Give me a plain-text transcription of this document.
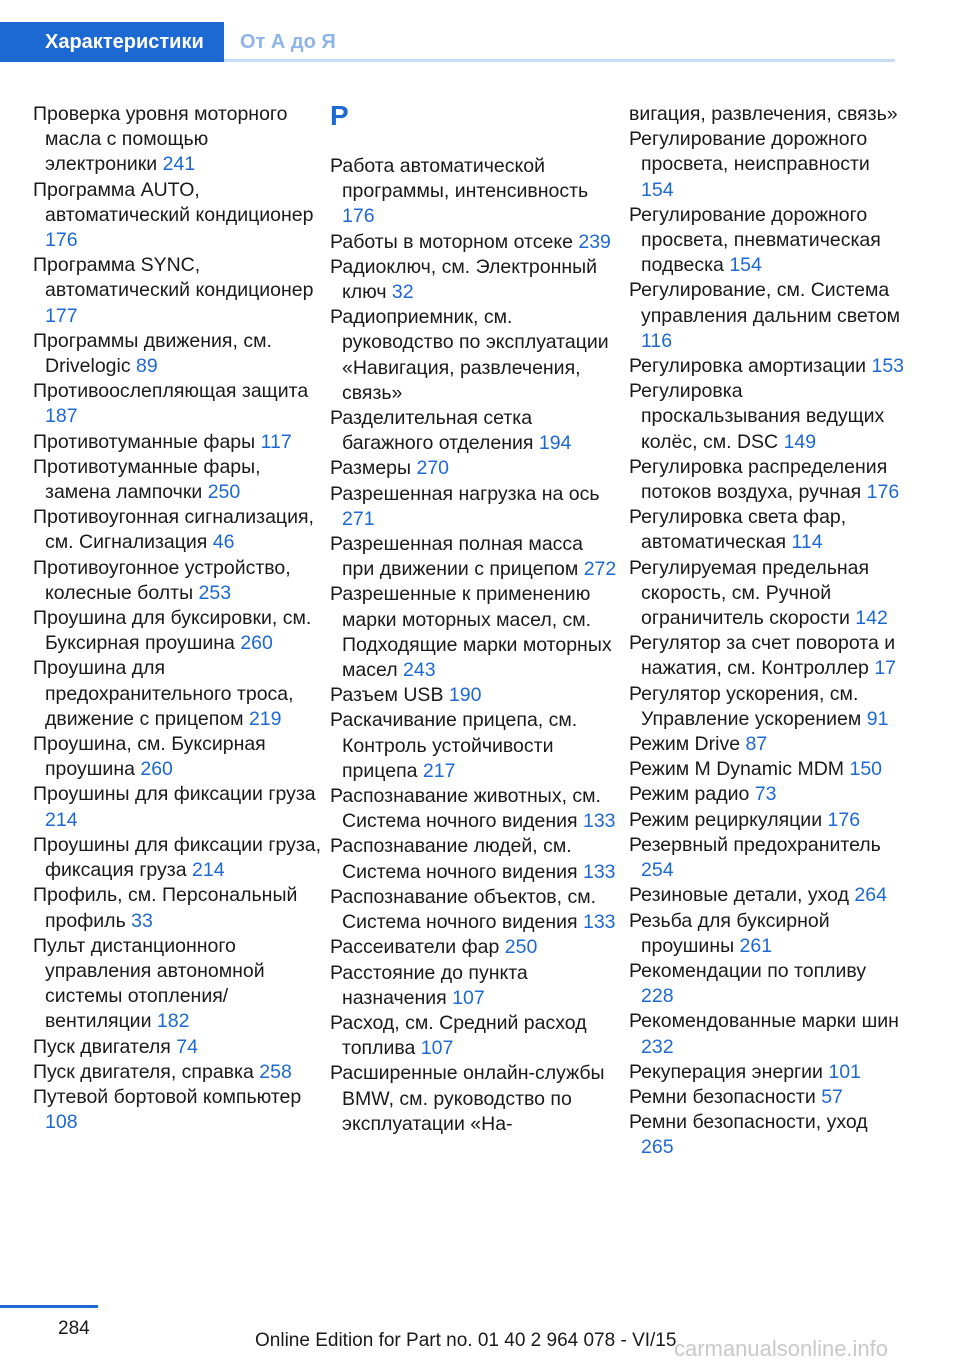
Характеристики	От А до Я

Проверка уровня моторного масла с помощью электроники 241

Программа AUTO, автоматический кондиционер 176

Программа SYNC, автоматический кондиционер 177

Программы движения, см. Drivelogic 89

Противоослепляющая защита 187

Противотуманные фары 117

Противотуманные фары, замена лампочки 250

Противоугонная сигнализация, см. Сигнализация 46

Противоугонное устройство, колесные болты 253

Проушина для буксировки, см. Буксирная проушина 260

Проушина для предохранительного троса, движение с прицепом 219

Проушина, см. Буксирная проушина 260

Проушины для фиксации груза 214

Проушины для фиксации груза, фиксация груза 214

Профиль, см. Персональный профиль 33

Пульт дистанционного управления автономной системы отопления/вентиляции 182

Пуск двигателя 74

Пуск двигателя, справка 258

Путевой бортовой компьютер 108

Р

Работа автоматической программы, интенсивность 176

Работы в моторном отсеке 239

Радиоключ, см. Электронный ключ 32

Радиоприемник, см. руководство по эксплуатации «Навигация, развлечения, связь»

Разделительная сетка багажного отделения 194

Размеры 270

Разрешенная нагрузка на ось 271

Разрешенная полная масса при движении с прицепом 272

Разрешенные к применению марки моторных масел, см. Подходящие марки моторных масел 243

Разъем USB 190

Раскачивание прицепа, см. Контроль устойчивости прицепа 217

Распознавание животных, см. Система ночного видения 133

Распознавание людей, см. Система ночного видения 133

Распознавание объектов, см. Система ночного видения 133

Рассеиватели фар 250

Расстояние до пункта назначения 107

Расход, см. Средний расход топлива 107

Расширенные онлайн-службы BMW, см. руководство по эксплуатации «На-

вигация, развлечения, связь»

Регулирование дорожного просвета, неисправности 154

Регулирование дорожного просвета, пневматическая подвеска 154

Регулирование, см. Система управления дальним светом 116

Регулировка амортизации 153

Регулировка проскальзывания ведущих колёс, см. DSC 149

Регулировка распределения потоков воздуха, ручная 176

Регулировка света фар, автоматическая 114

Регулируемая предельная скорость, см. Ручной ограничитель скорости 142

Регулятор за счет поворота и нажатия, см. Контроллер 17

Регулятор ускорения, см. Управление ускорением 91

Режим Drive 87

Режим M Dynamic MDM 150

Режим радио 73

Режим рециркуляции 176

Резервный предохранитель 254

Резиновые детали, уход 264

Резьба для буксирной проушины 261

Рекомендации по топливу 228

Рекомендованные марки шин 232

Рекуперация энергии 101

Ремни безопасности 57

Ремни безопасности, уход 265

284
Online Edition for Part no. 01 40 2 964 078 - VI/15
carmanualsonline.info
